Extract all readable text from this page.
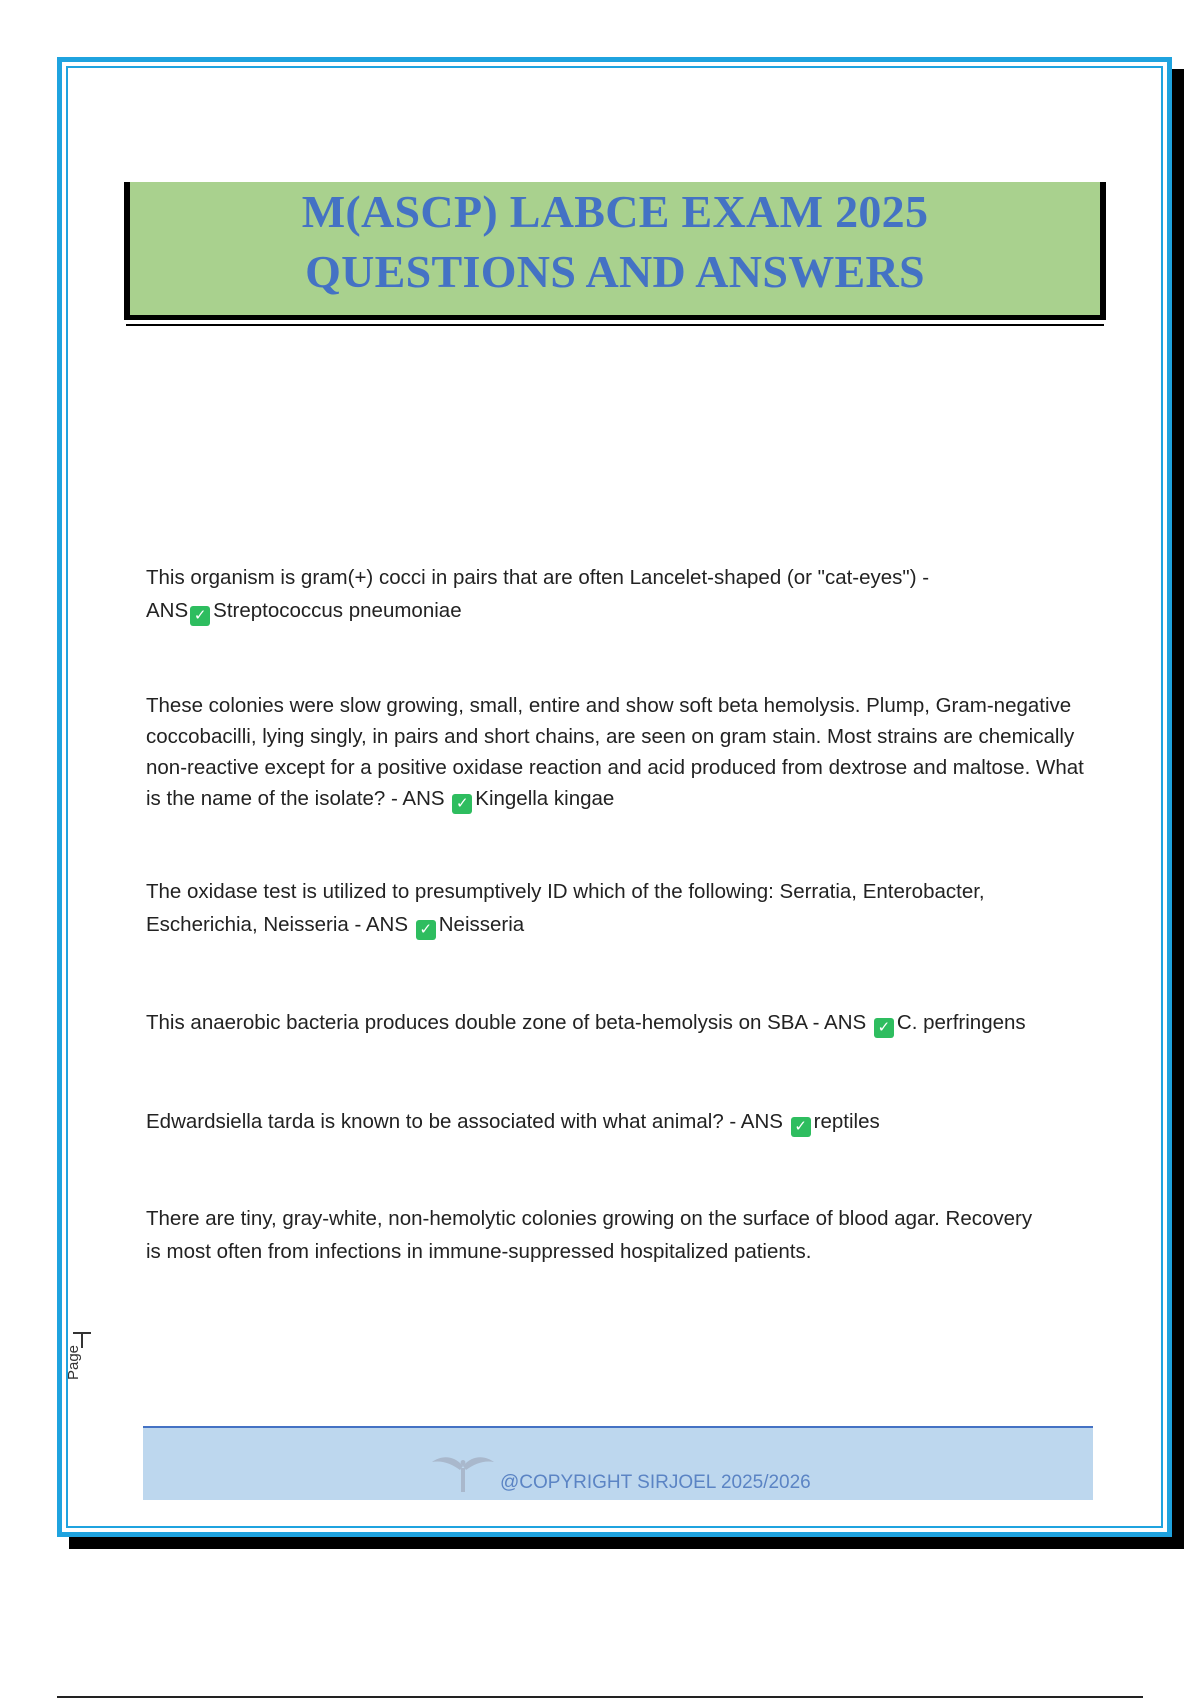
M(ASCP) LABCE EXAM 2025
QUESTIONS AND ANSWERS

This organism is gram(+) cocci in pairs that are often Lancelet-shaped (or "cat-eyes") -
ANS ✓ Streptococcus pneumoniae

These colonies were slow growing, small, entire and show soft beta hemolysis. Plump, Gram-negative coccobacilli, lying singly, in pairs and short chains, are seen on gram stain. Most strains are chemically non-reactive except for a positive oxidase reaction and acid produced from dextrose and maltose. What is the name of the isolate? - ANS ✓ Kingella kingae

The oxidase test is utilized to presumptively ID which of the following: Serratia, Enterobacter, Escherichia, Neisseria - ANS ✓ Neisseria

This anaerobic bacteria produces double zone of beta-hemolysis on SBA - ANS ✓ C. perfringens

Edwardsiella tarda is known to be associated with what animal? - ANS ✓ reptiles

There are tiny, gray-white, non-hemolytic colonies growing on the surface of blood agar. Recovery is most often from infections in immune-suppressed hospitalized patients.

Page
@COPYRIGHT SIRJOEL 2025/2026
